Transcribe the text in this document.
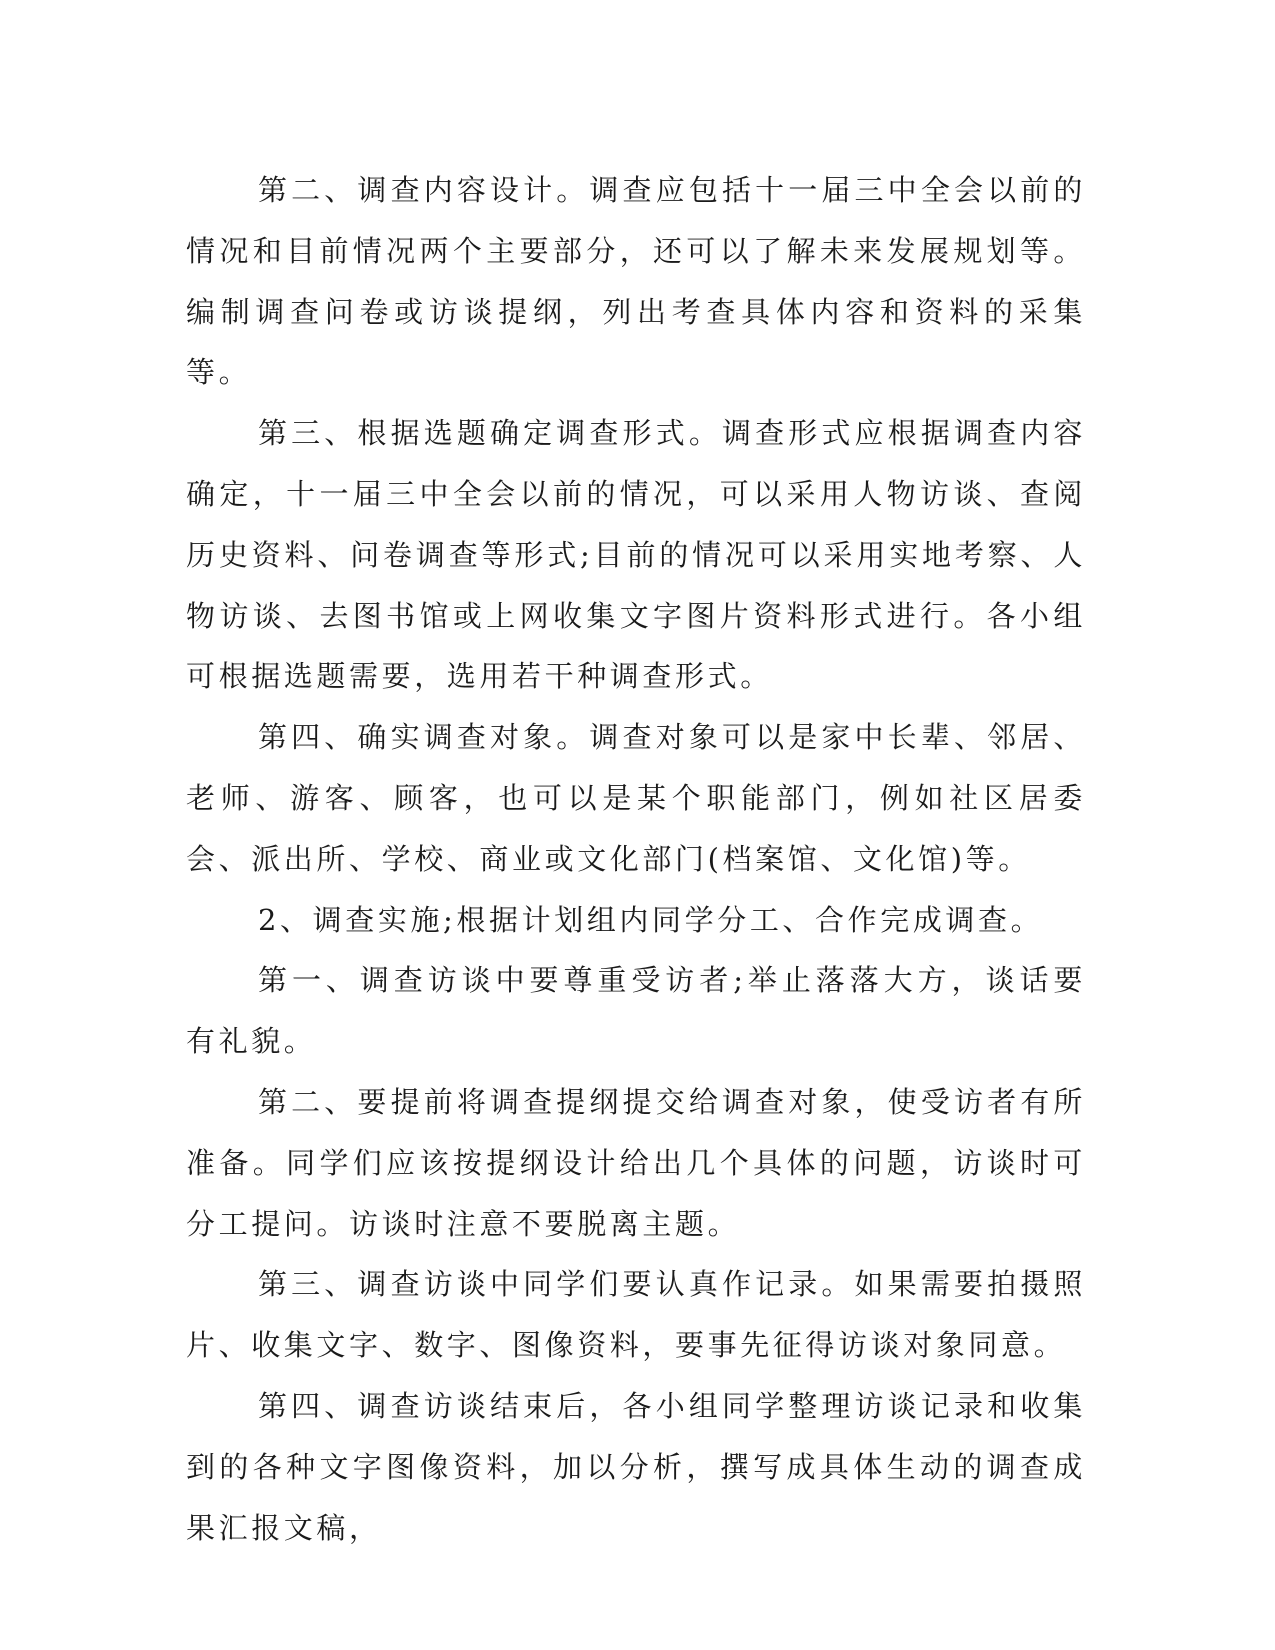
第二、调查内容设计。调查应包括十一届三中全会以前的情况和目前情况两个主要部分，还可以了解未来发展规划等。编制调查问卷或访谈提纲，列出考查具体内容和资料的采集等。

第三、根据选题确定调查形式。调查形式应根据调查内容确定，十一届三中全会以前的情况，可以采用人物访谈、查阅历史资料、问卷调查等形式;目前的情况可以采用实地考察、人物访谈、去图书馆或上网收集文字图片资料形式进行。各小组可根据选题需要，选用若干种调查形式。

第四、确实调查对象。调查对象可以是家中长辈、邻居、老师、游客、顾客，也可以是某个职能部门，例如社区居委会、派出所、学校、商业或文化部门(档案馆、文化馆)等。

2、调查实施;根据计划组内同学分工、合作完成调查。

第一、调查访谈中要尊重受访者;举止落落大方，谈话要有礼貌。

第二、要提前将调查提纲提交给调查对象，使受访者有所准备。同学们应该按提纲设计给出几个具体的问题，访谈时可分工提问。访谈时注意不要脱离主题。

第三、调查访谈中同学们要认真作记录。如果需要拍摄照片、收集文字、数字、图像资料，要事先征得访谈对象同意。

第四、调查访谈结束后，各小组同学整理访谈记录和收集到的各种文字图像资料，加以分析，撰写成具体生动的调查成果汇报文稿，
